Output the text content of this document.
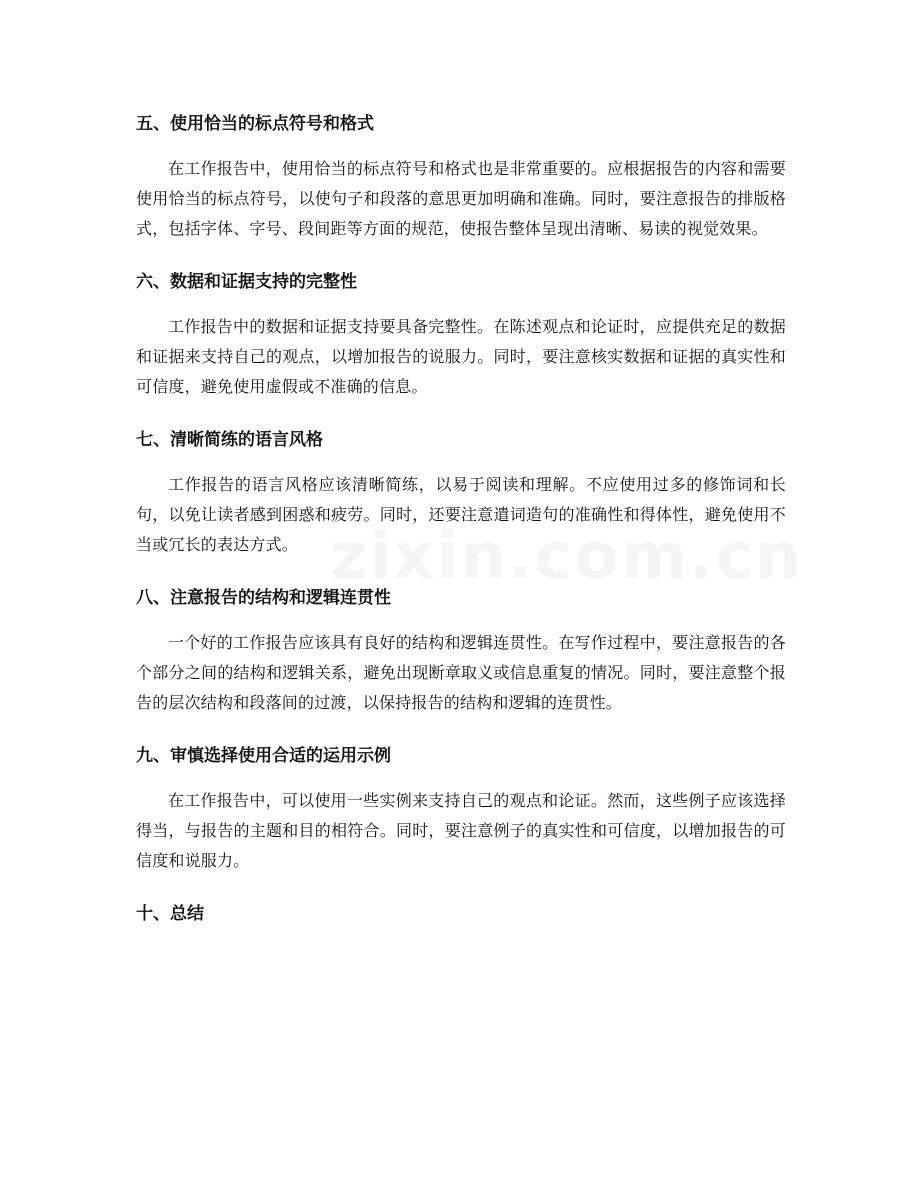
五、使用恰当的标点符号和格式

在工作报告中，使用恰当的标点符号和格式也是非常重要的。应根据报告的内容和需要使用恰当的标点符号，以使句子和段落的意思更加明确和准确。同时，要注意报告的排版格式，包括字体、字号、段间距等方面的规范，使报告整体呈现出清晰、易读的视觉效果。

六、数据和证据支持的完整性

工作报告中的数据和证据支持要具备完整性。在陈述观点和论证时，应提供充足的数据和证据来支持自己的观点，以增加报告的说服力。同时，要注意核实数据和证据的真实性和可信度，避免使用虚假或不准确的信息。

七、清晰简练的语言风格

工作报告的语言风格应该清晰简练，以易于阅读和理解。不应使用过多的修饰词和长句，以免让读者感到困惑和疲劳。同时，还要注意遣词造句的准确性和得体性，避免使用不当或冗长的表达方式。

八、注意报告的结构和逻辑连贯性

一个好的工作报告应该具有良好的结构和逻辑连贯性。在写作过程中，要注意报告的各个部分之间的结构和逻辑关系，避免出现断章取义或信息重复的情况。同时，要注意整个报告的层次结构和段落间的过渡，以保持报告的结构和逻辑的连贯性。

九、审慎选择使用合适的运用示例

在工作报告中，可以使用一些实例来支持自己的观点和论证。然而，这些例子应该选择得当，与报告的主题和目的相符合。同时，要注意例子的真实性和可信度，以增加报告的可信度和说服力。

十、总结
